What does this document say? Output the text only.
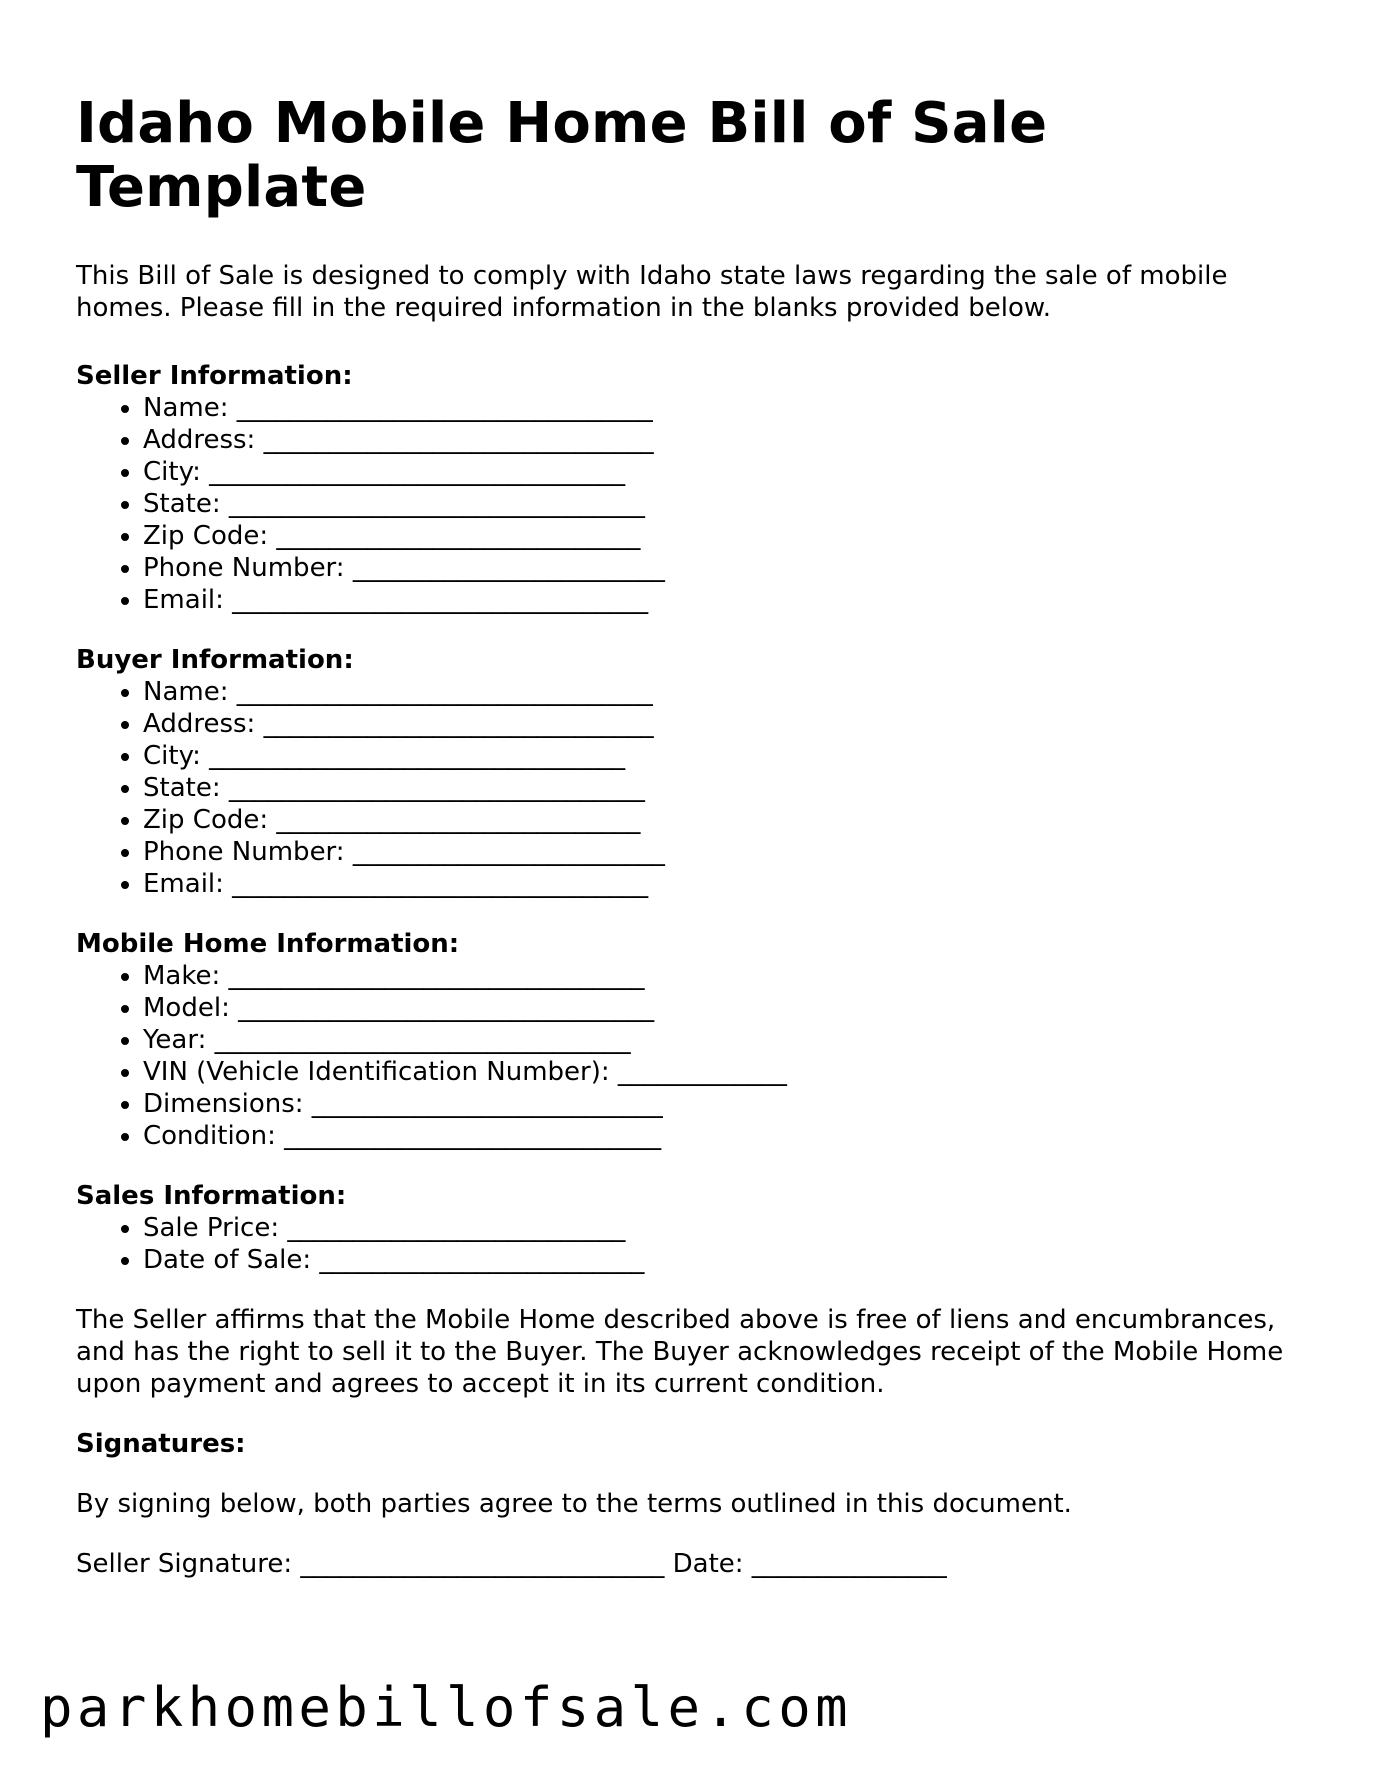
Idaho Mobile Home Bill of Sale Template

This Bill of Sale is designed to comply with Idaho state laws regarding the sale of mobile homes. Please fill in the required information in the blanks provided below.

Seller Information:

• Name: ________________________________
• Address: ______________________________
• City: ________________________________
• State: ________________________________
• Zip Code: ____________________________
• Phone Number: ________________________
• Email: ________________________________

Buyer Information:

• Name: ________________________________
• Address: ______________________________
• City: ________________________________
• State: ________________________________
• Zip Code: ____________________________
• Phone Number: ________________________
• Email: ________________________________

Mobile Home Information:

• Make: ________________________________
• Model: ________________________________
• Year: ________________________________
• VIN (Vehicle Identification Number): _____________
• Dimensions: ___________________________
• Condition: _____________________________

Sales Information:

• Sale Price: __________________________
• Date of Sale: _________________________

The Seller affirms that the Mobile Home described above is free of liens and encumbrances, and has the right to sell it to the Buyer. The Buyer acknowledges receipt of the Mobile Home upon payment and agrees to accept it in its current condition.

Signatures:

By signing below, both parties agree to the terms outlined in this document.

Seller Signature: ____________________________ Date: _______________

parkhomebillofsale.com
